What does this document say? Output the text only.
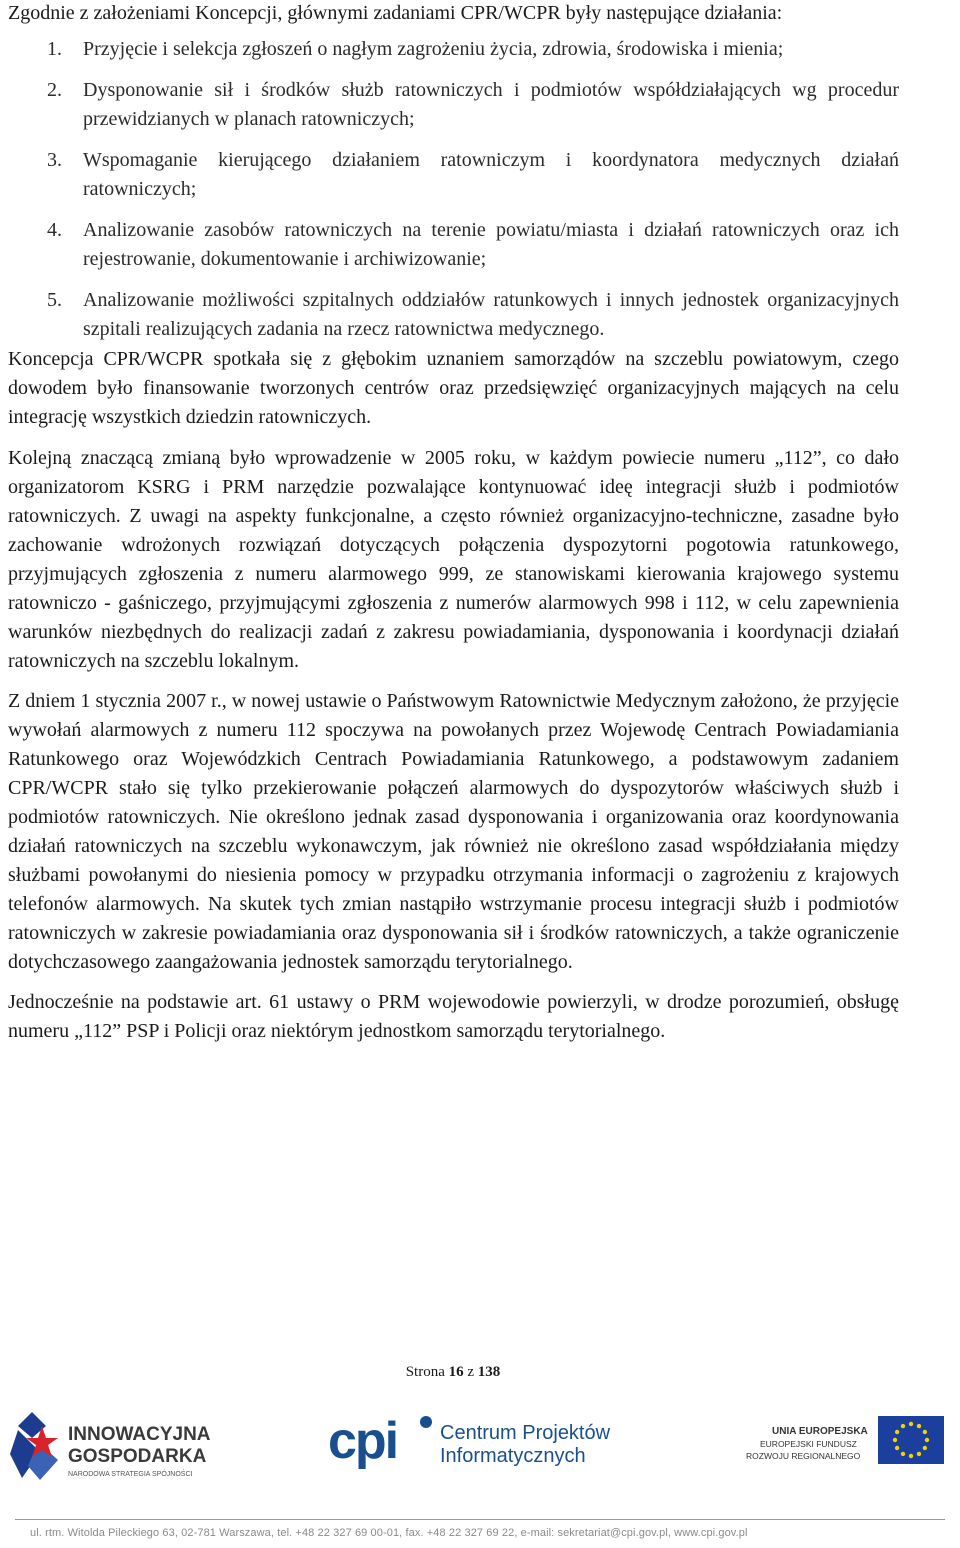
Zgodnie z założeniami Koncepcji, głównymi zadaniami CPR/WCPR były następujące działania:

1. Przyjęcie i selekcja zgłoszeń o nagłym zagrożeniu życia, zdrowia, środowiska i mienia;
2. Dysponowanie sił i środków służb ratowniczych i podmiotów współdziałających wg procedur przewidzianych w planach ratowniczych;
3. Wspomaganie kierującego działaniem ratowniczym i koordynatora medycznych działań ratowniczych;
4. Analizowanie zasobów ratowniczych na terenie powiatu/miasta i działań ratowniczych oraz ich rejestrowanie, dokumentowanie i archiwizowanie;
5. Analizowanie możliwości szpitalnych oddziałów ratunkowych i innych jednostek organizacyjnych szpitali realizujących zadania na rzecz ratownictwa medycznego.

Koncepcja CPR/WCPR spotkała się z głębokim uznaniem samorządów na szczeblu powiatowym, czego dowodem było finansowanie tworzonych centrów oraz przedsięwzięć organizacyjnych mających na celu integrację wszystkich dziedzin ratowniczych.

Kolejną znaczącą zmianą było wprowadzenie w 2005 roku, w każdym powiecie numeru „112”, co dało organizatorom KSRG i PRM narzędzie pozwalające kontynuować ideę integracji służb i podmiotów ratowniczych. Z uwagi na aspekty funkcjonalne, a często również organizacyjno-techniczne, zasadne było zachowanie wdrożonych rozwiązań dotyczących połączenia dyspozytorni pogotowia ratunkowego, przyjmujących zgłoszenia z numeru alarmowego 999, ze stanowiskami kierowania krajowego systemu ratowniczo - gaśniczego, przyjmującymi zgłoszenia z numerów alarmowych 998 i 112, w celu zapewnienia warunków niezbędnych do realizacji zadań z zakresu powiadamiania, dysponowania i koordynacji działań ratowniczych na szczeblu lokalnym.

Z dniem 1 stycznia 2007 r., w nowej ustawie o Państwowym Ratownictwie Medycznym założono, że przyjęcie wywołań alarmowych z numeru 112 spoczywa na powołanych przez Wojewodę Centrach Powiadamiania Ratunkowego oraz Wojewódzkich Centrach Powiadamiania Ratunkowego, a podstawowym zadaniem CPR/WCPR stało się tylko przekierowanie połączeń alarmowych do dyspozytorów właściwych służb i podmiotów ratowniczych. Nie określono jednak zasad dysponowania i organizowania oraz koordynowania działań ratowniczych na szczeblu wykonawczym, jak również nie określono zasad współdziałania między służbami powołanymi do niesienia pomocy w przypadku otrzymania informacji o zagrożeniu z krajowych telefonów alarmowych. Na skutek tych zmian nastąpiło wstrzymanie procesu integracji służb i podmiotów ratowniczych w zakresie powiadamiania oraz dysponowania sił i środków ratowniczych, a także ograniczenie dotychczasowego zaangażowania jednostek samorządu terytorialnego.

Jednocześnie na podstawie art. 61 ustawy o PRM wojewodowie powierzyli, w drodze porozumień, obsługę numeru „112” PSP i Policji oraz niektórym jednostkom samorządu terytorialnego.

Strona 16 z 138
INNOWACYJNA
GOSPODARKA
NARODOWA STRATEGIA SPÓJNOŚCI
cpi Centrum Projektów
Informatycznych
UNIA EUROPEJSKA
EUROPEJSKI FUNDUSZ
ROZWOJU REGIONALNEGO
ul. rtm. Witolda Pileckiego 63, 02-781 Warszawa, tel. +48 22 327 69 00-01, fax. +48 22 327 69 22, e-mail: sekretariat@cpi.gov.pl, www.cpi.gov.pl
